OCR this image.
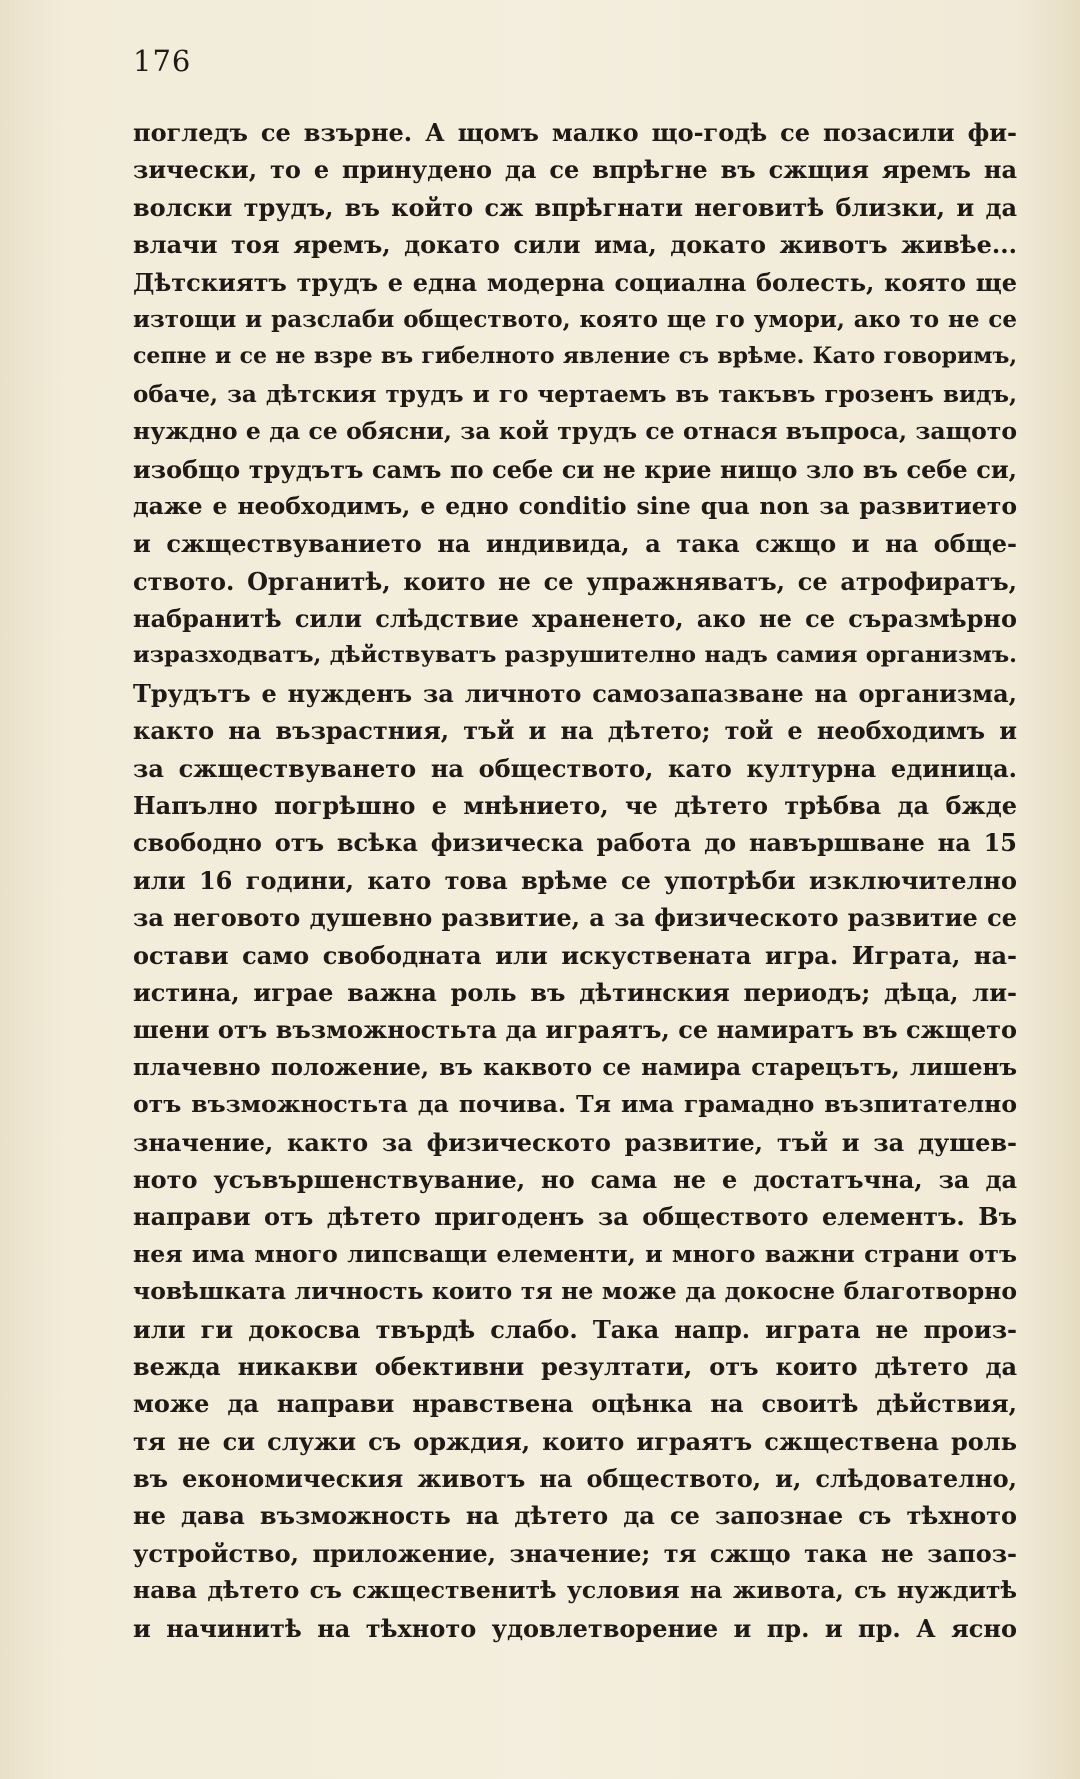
176
погледъ се взърне. А щомъ малко що-годѣ се позасили фи-
зически, то е принудено да се впрѣгне въ сжщия яремъ на
волски трудъ, въ който сж впрѣгнати неговитѣ близки, и да
влачи тоя яремъ, докато сили има, докато животъ живѣе...
Дѣтскиятъ трудъ е една модерна социална болесть, която ще
изтощи и разслаби обществото, която ще го умори, ако то не се
сепне и се не взре въ гибелното явление съ врѣме. Като говоримъ,
обаче, за дѣтския трудъ и го чертаемъ въ такъвъ грозенъ видъ,
нуждно е да се обясни, за кой трудъ се отнася въпроса, защото
изобщо трудътъ самъ по себе си не крие нищо зло въ себе си,
даже е необходимъ, е едно conditio sine qua non за развитието
и сжществуванието на индивида, а така сжщо и на обще-
ството. Органитѣ, които не се упражняватъ, се атрофиратъ,
набранитѣ сили слѣдствие храненето, ако не се съразмѣрно
изразходватъ, дѣйствуватъ разрушително надъ самия организмъ.
Трудътъ е нужденъ за личното самозапазване на организма,
както на възрастния, тъй и на дѣтето; той е необходимъ и
за сжществуването на обществото, като културна единица.
Напълно погрѣшно е мнѣнието, че дѣтето трѣбва да бжде
свободно отъ всѣка физическа работа до навършване на 15
или 16 години, като това врѣме се употрѣби изключително
за неговото душевно развитие, а за физическото развитие се
остави само свободната или искуствената игра. Играта, на-
истина, играе важна роль въ дѣтинския периодъ; дѣца, ли-
шени отъ възможностьта да играятъ, се намиратъ въ сжщето
плачевно положение, въ каквото се намира старецътъ, лишенъ
отъ възможностьта да почива. Тя има грамадно възпитателно
значение, както за физическото развитие, тъй и за душев-
ното усъвършенствувание, но сама не е достатъчна, за да
направи отъ дѣтето пригоденъ за обществото елементъ. Въ
нея има много липсващи елементи, и много важни страни отъ
човѣшката личность които тя не може да докосне благотворно
или ги докосва твърдѣ слабо. Така напр. играта не произ-
вежда никакви обективни резултати, отъ които дѣтето да
може да направи нравствена оцѣнка на своитѣ дѣйствия,
тя не си служи съ орждия, които играятъ сжществена роль
въ економическия животъ на обществото, и, слѣдователно,
не дава възможность на дѣтето да се запознае съ тѣхното
устройство, приложение, значение; тя сжщо така не запоз-
нава дѣтето съ сжщественитѣ условия на живота, съ нуждитѣ
и начинитѣ на тѣхното удовлетворение и пр. и пр. А ясно
